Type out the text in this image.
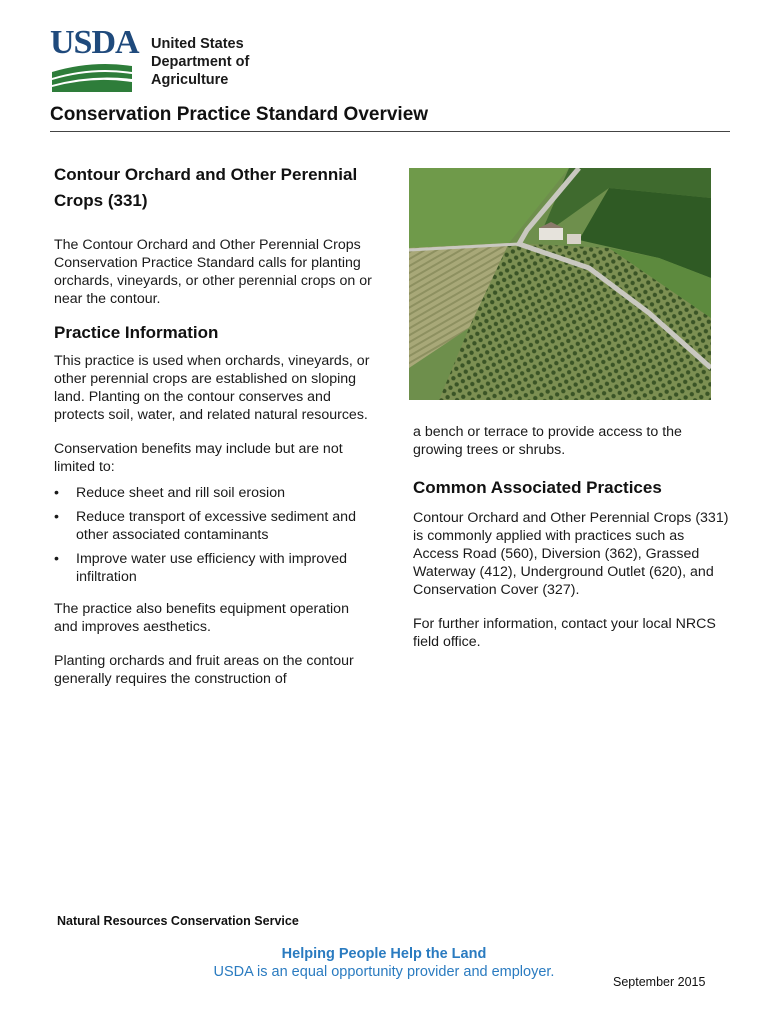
USDA United States
Department of
Agriculture
Conservation Practice Standard Overview
Contour Orchard and Other Perennial
Crops (331)

The Contour Orchard and Other Perennial Crops Conservation Practice Standard calls for planting orchards, vineyards, or other perennial crops on or near the contour.

Practice Information

This practice is used when orchards, vineyards, or other perennial crops are established on sloping land. Planting on the contour conserves and protects soil, water, and related natural resources.

Conservation benefits may include but are not limited to:

• Reduce sheet and rill soil erosion
• Reduce transport of excessive sediment and other associated contaminants
• Improve water use efficiency with improved infiltration

The practice also benefits equipment operation and improves aesthetics.

Planting orchards and fruit areas on the contour generally requires the construction of

a bench or terrace to provide access to the growing trees or shrubs.

Common Associated Practices

Contour Orchard and Other Perennial Crops (331) is commonly applied with practices such as Access Road (560), Diversion (362), Grassed Waterway (412), Underground Outlet (620), and Conservation Cover (327).

For further information, contact your local NRCS field office.

Natural Resources Conservation Service
Helping People Help the Land
USDA is an equal opportunity provider and employer.
September 2015
